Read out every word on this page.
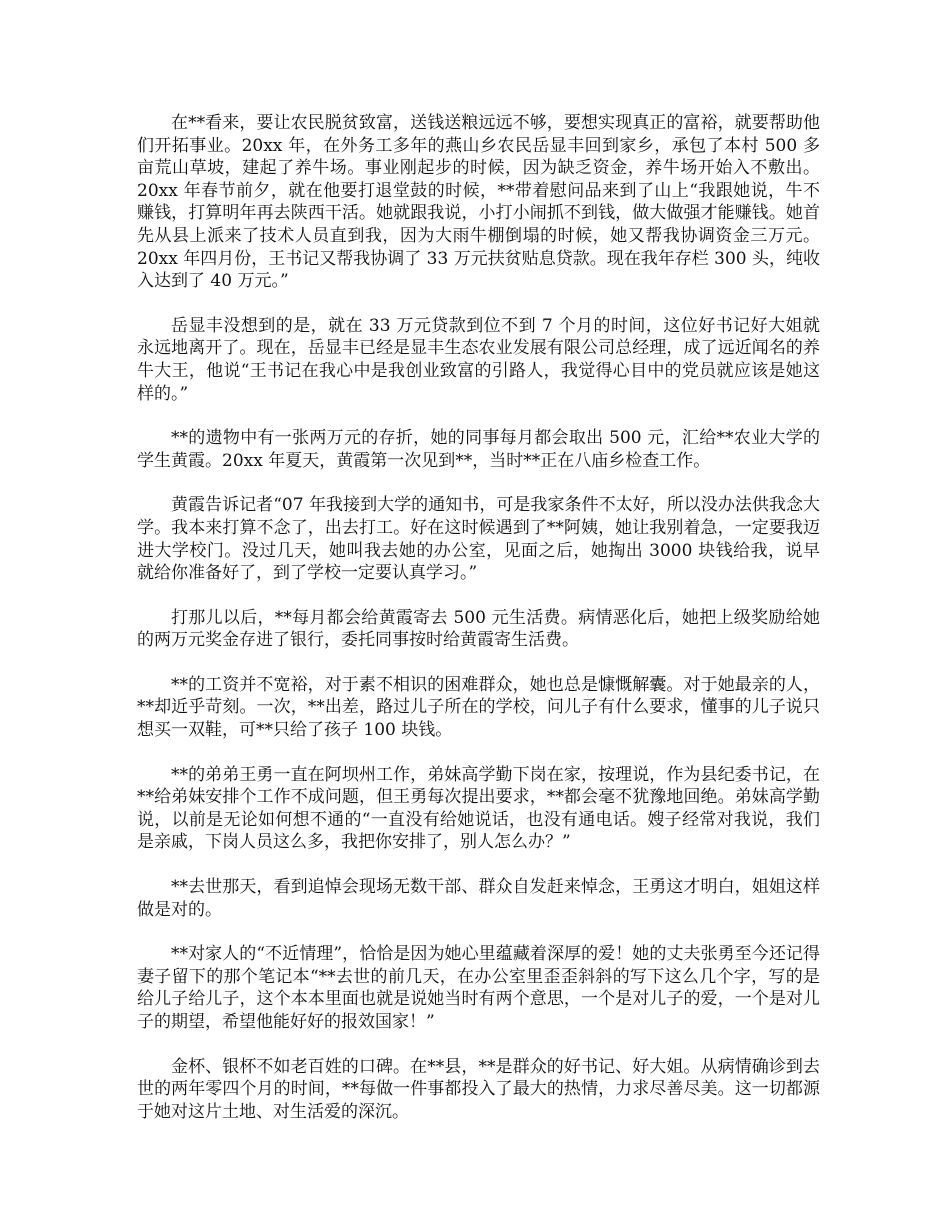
在**看来，要让农民脱贫致富，送钱送粮远远不够，要想实现真正的富裕，就要帮助他们开拓事业。20xx 年，在外务工多年的燕山乡农民岳显丰回到家乡，承包了本村 500 多亩荒山草坡，建起了养牛场。事业刚起步的时候，因为缺乏资金，养牛场开始入不敷出。20xx 年春节前夕，就在他要打退堂鼓的时候，**带着慰问品来到了山上“我跟她说，牛不赚钱，打算明年再去陕西干活。她就跟我说，小打小闹抓不到钱，做大做强才能赚钱。她首先从县上派来了技术人员直到我，因为大雨牛棚倒塌的时候，她又帮我协调资金三万元。20xx 年四月份，王书记又帮我协调了 33 万元扶贫贴息贷款。现在我年存栏 300 头，纯收入达到了 40 万元。”

岳显丰没想到的是，就在 33 万元贷款到位不到 7 个月的时间，这位好书记好大姐就永远地离开了。现在，岳显丰已经是显丰生态农业发展有限公司总经理，成了远近闻名的养牛大王，他说“王书记在我心中是我创业致富的引路人，我觉得心目中的党员就应该是她这样的。”

**的遗物中有一张两万元的存折，她的同事每月都会取出 500 元，汇给**农业大学的学生黄霞。20xx 年夏天，黄霞第一次见到**，当时**正在八庙乡检查工作。

黄霞告诉记者“07 年我接到大学的通知书，可是我家条件不太好，所以没办法供我念大学。我本来打算不念了，出去打工。好在这时候遇到了**阿姨，她让我别着急，一定要我迈进大学校门。没过几天，她叫我去她的办公室，见面之后，她掏出 3000 块钱给我，说早就给你准备好了，到了学校一定要认真学习。”

打那儿以后，**每月都会给黄霞寄去 500 元生活费。病情恶化后，她把上级奖励给她的两万元奖金存进了银行，委托同事按时给黄霞寄生活费。

**的工资并不宽裕，对于素不相识的困难群众，她也总是慷慨解囊。对于她最亲的人，**却近乎苛刻。一次，**出差，路过儿子所在的学校，问儿子有什么要求，懂事的儿子说只想买一双鞋，可**只给了孩子 100 块钱。

**的弟弟王勇一直在阿坝州工作，弟妹高学勤下岗在家，按理说，作为县纪委书记，在**给弟妹安排个工作不成问题，但王勇每次提出要求，**都会毫不犹豫地回绝。弟妹高学勤说，以前是无论如何想不通的“一直没有给她说话，也没有通电话。嫂子经常对我说，我们是亲戚，下岗人员这么多，我把你安排了，别人怎么办？”

**去世那天，看到追悼会现场无数干部、群众自发赶来悼念，王勇这才明白，姐姐这样做是对的。

**对家人的“不近情理”，恰恰是因为她心里蕴藏着深厚的爱！她的丈夫张勇至今还记得妻子留下的那个笔记本“**去世的前几天，在办公室里歪歪斜斜的写下这么几个字，写的是给儿子给儿子，这个本本里面也就是说她当时有两个意思，一个是对儿子的爱，一个是对儿子的期望，希望他能好好的报效国家！”

金杯、银杯不如老百姓的口碑。在**县，**是群众的好书记、好大姐。从病情确诊到去世的两年零四个月的时间，**每做一件事都投入了最大的热情，力求尽善尽美。这一切都源于她对这片土地、对生活爱的深沉。
